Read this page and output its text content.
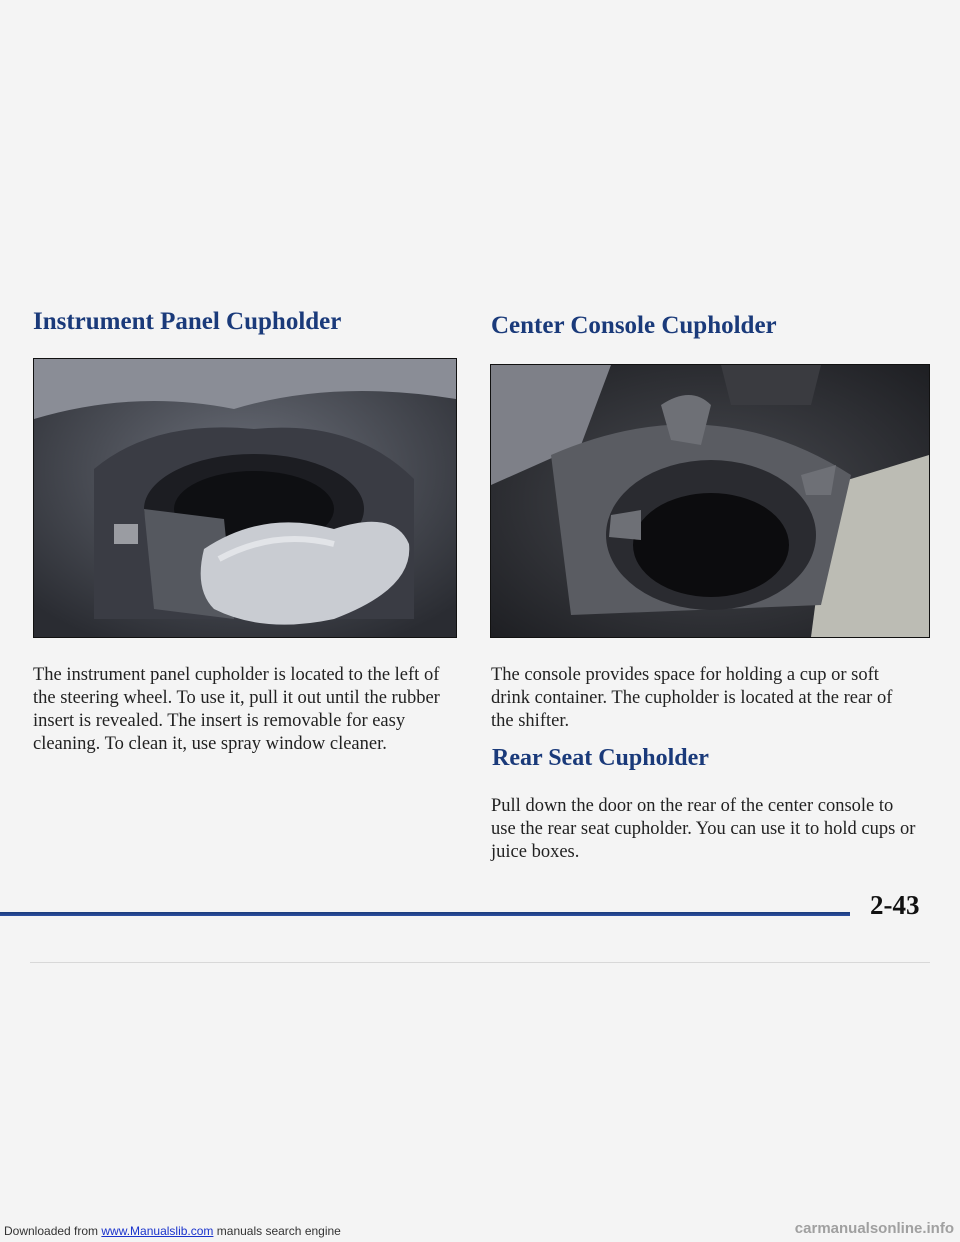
Instrument Panel Cupholder

The instrument panel cupholder is located to the left of the steering wheel. To use it, pull it out until the rubber insert is revealed. The insert is removable for easy cleaning. To clean it, use spray window cleaner.

Center Console Cupholder

The console provides space for holding a cup or soft drink container. The cupholder is located at the rear of the shifter.

Rear Seat Cupholder

Pull down the door on the rear of the center console to use the rear seat cupholder. You can use it to hold cups or juice boxes.

2-43
Downloaded from www.Manualslib.com manuals search engine	carmanualsonline.info
